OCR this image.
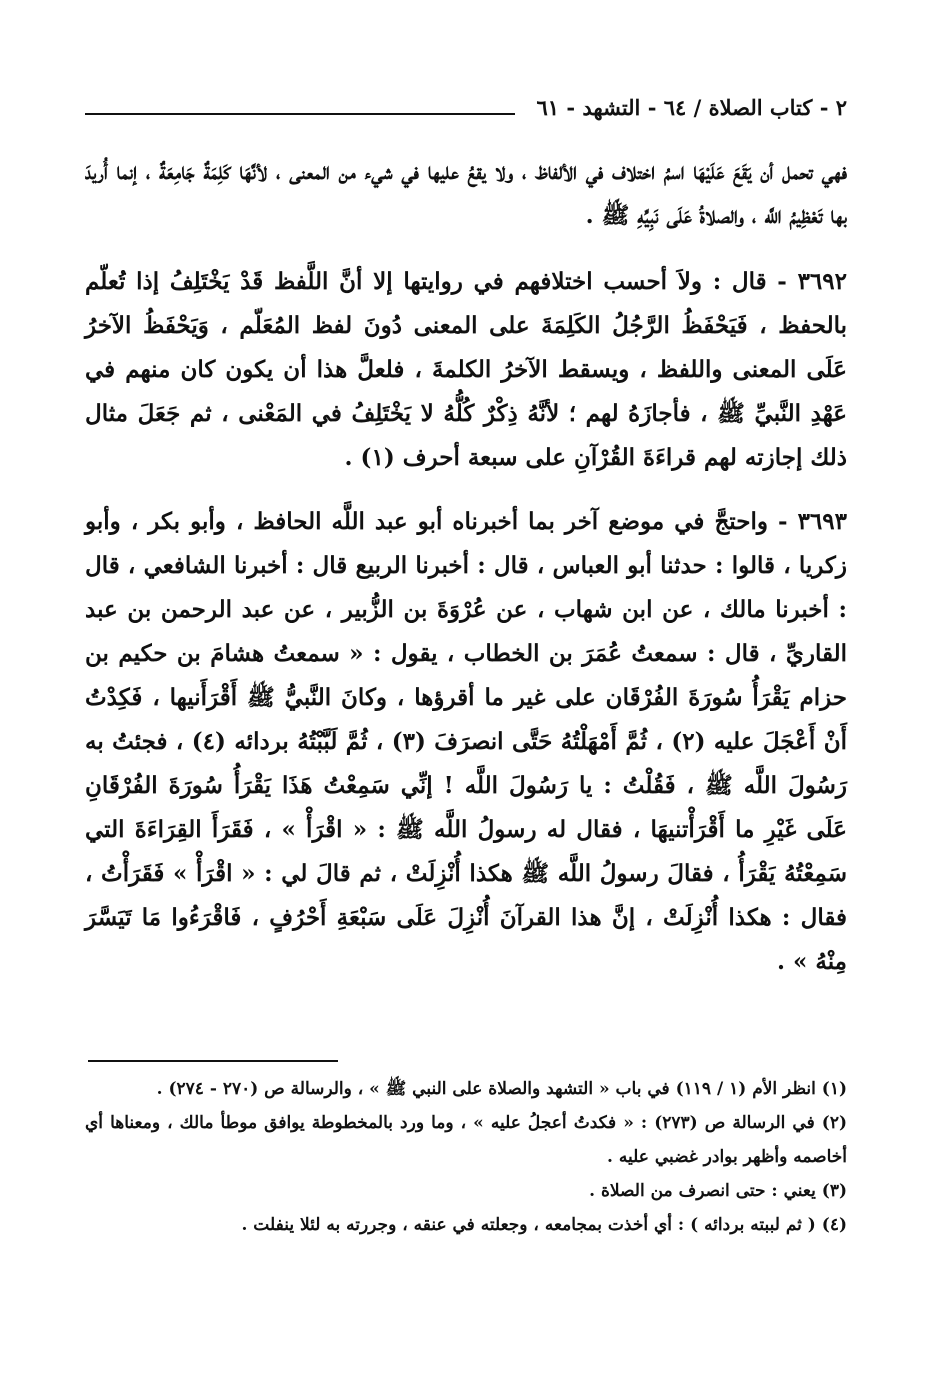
٢ - كتاب الصلاة / ٦٤ - التشهد - ٦١

فهي تحمل أن يَقَعَ عَلَيْهَا اسمُ اختلاف في الألفاظ ، ولا يقعُ عليها في شيء من المعنى ، لأنَّهَا كَلِمَةٌ جَامِعَةٌ ، إنما أُريدَ بها تَعْظِيمُ اللَّه ، والصلاةُ عَلَى نَبِيِّهِ ﷺ .

٣٦٩٢ - قال : ولاَ أحسب اختلافهم في روايتها إلا أنَّ اللَّفظ قَدْ يَخْتَلِفُ إذا تُعلّم بالحفظ ، فَيَحْفَظُ الرَّجُلُ الكَلِمَةَ على المعنى دُونَ لفظ المُعَلّم ، وَيَحْفَظُ الآخرُ عَلَى المعنى واللفظ ، ويسقط الآخرُ الكلمةَ ، فلعلَّ هذا أن يكون كان منهم في عَهْدِ النَّبيِّ ﷺ ، فأجازَهُ لهم ؛ لأنَّهُ ذِكْرٌ كُلُّهُ لا يَخْتَلِفُ في المَعْنى ، ثم جَعَلَ مثال ذلك إجازته لهم قراءَةَ القُرْآنِ على سبعة أحرف (١) .

٣٦٩٣ - واحتجَّ في موضع آخر بما أخبرناه أبو عبد اللَّه الحافظ ، وأبو بكر ، وأبو زكريا ، قالوا : حدثنا أبو العباس ، قال : أخبرنا الربيع قال : أخبرنا الشافعي ، قال : أخبرنا مالك ، عن ابن شهاب ، عن عُرْوَةَ بن الزُّبير ، عن عبد الرحمن بن عبد القاريِّ ، قال : سمعتُ عُمَرَ بن الخطاب ، يقول : « سمعتُ هشامَ بن حكيم بن حزام يَقْرَأُ سُورَةَ الفُرْقَان على غير ما أقرؤها ، وكانَ النَّبيُّ ﷺ أَقْرَأَنيها ، فَكِدْتُ أَنْ أَعْجَلَ عليه (٢) ، ثُمَّ أَمْهَلْتُهُ حَتَّى انصرَفَ (٣) ، ثُمَّ لَبَّبْتُهُ بردائه (٤) ، فجئتُ به رَسُولَ اللَّه ﷺ ، فَقُلْتُ : يا رَسُولَ اللَّه ! إنِّي سَمِعْتُ هَذَا يَقْرَأُ سُورَةَ الفُرْقَانِ عَلَى غَيْرِ ما أَقْرَأْتنيهَا ، فقال له رسولُ اللَّه ﷺ : « اقْرَأْ » ، فَقَرَأَ القِرَاءَةَ التي سَمِعْتُهُ يَقْرَأُ ، فقالَ رسولُ اللَّه ﷺ هكذا أُنْزِلَتْ ، ثم قالَ لي : « اقْرَأْ » فَقَرَأْتُ ، فقال : هكذا أُنْزِلَتْ ، إنَّ هذا القرآنَ أُنْزِلَ عَلَى سَبْعَةِ أَحْرُفٍ ، فَاقْرَءُوا مَا تَيَسَّرَ مِنْهُ » .

(١) انظر الأم (١ / ١١٩) في باب « التشهد والصلاة على النبي ﷺ » ، والرسالة ص (٢٧٠ - ٢٧٤) .

(٢) في الرسالة ص (٢٧٣) : « فكدتُ أعجلُ عليه » ، وما ورد بالمخطوطة يوافق موطأ مالك ، ومعناها أي أخاصمه وأظهر بوادر غضبي عليه .

(٣) يعني : حتى انصرف من الصلاة .

(٤) ( ثم لببته بردائه ) : أي أخذت بمجامعه ، وجعلته في عنقه ، وجررته به لئلا ينفلت .
